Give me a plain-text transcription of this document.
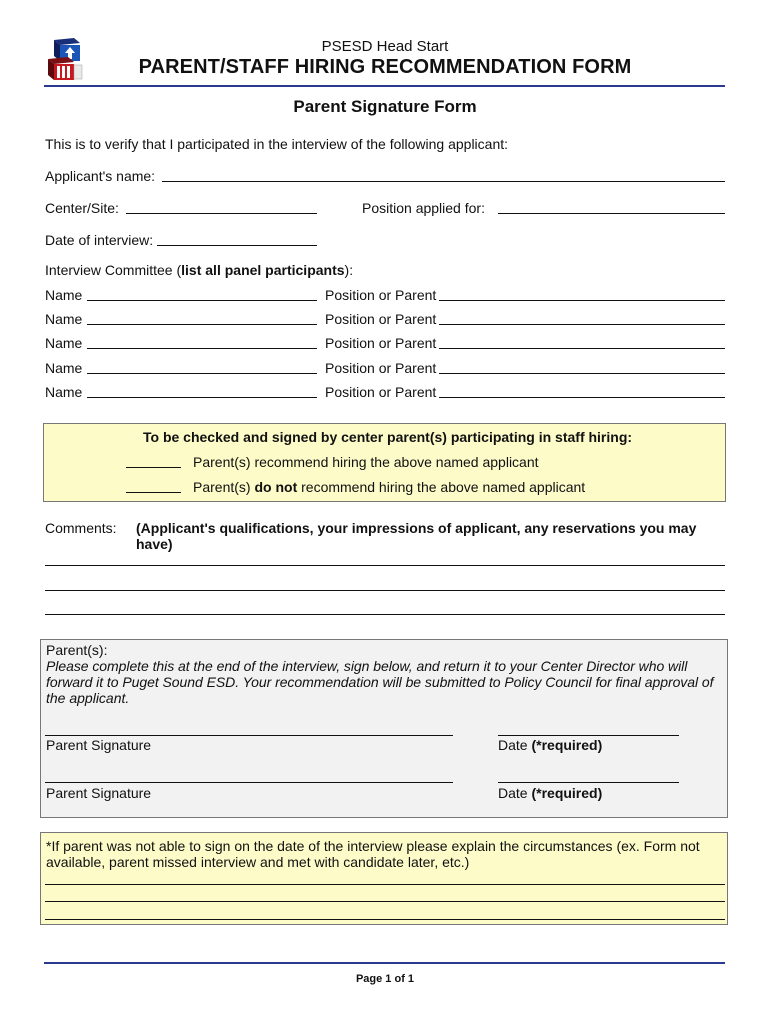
PSESD Head Start
PARENT/STAFF HIRING RECOMMENDATION FORM
Parent Signature Form
This is to verify that I participated in the interview of the following applicant:
Applicant's name:
Center/Site:	Position applied for:
Date of interview:
Interview Committee (list all panel participants):
Name	Position or Parent
Name	Position or Parent
Name	Position or Parent
Name	Position or Parent
Name	Position or Parent
To be checked and signed by center parent(s) participating in staff hiring:
Parent(s) recommend hiring the above named applicant
Parent(s) do not recommend hiring the above named applicant
Comments: (Applicant's qualifications, your impressions of applicant, any reservations you may
have)
Parent(s):
Please complete this at the end of the interview, sign below, and return it to your Center Director who will
forward it to Puget Sound ESD. Your recommendation will be submitted to Policy Council for final approval of
the applicant.
Parent Signature	Date (*required)
Parent Signature	Date (*required)
*If parent was not able to sign on the date of the interview please explain the circumstances (ex. Form not
available, parent missed interview and met with candidate later, etc.)
Page 1 of 1
